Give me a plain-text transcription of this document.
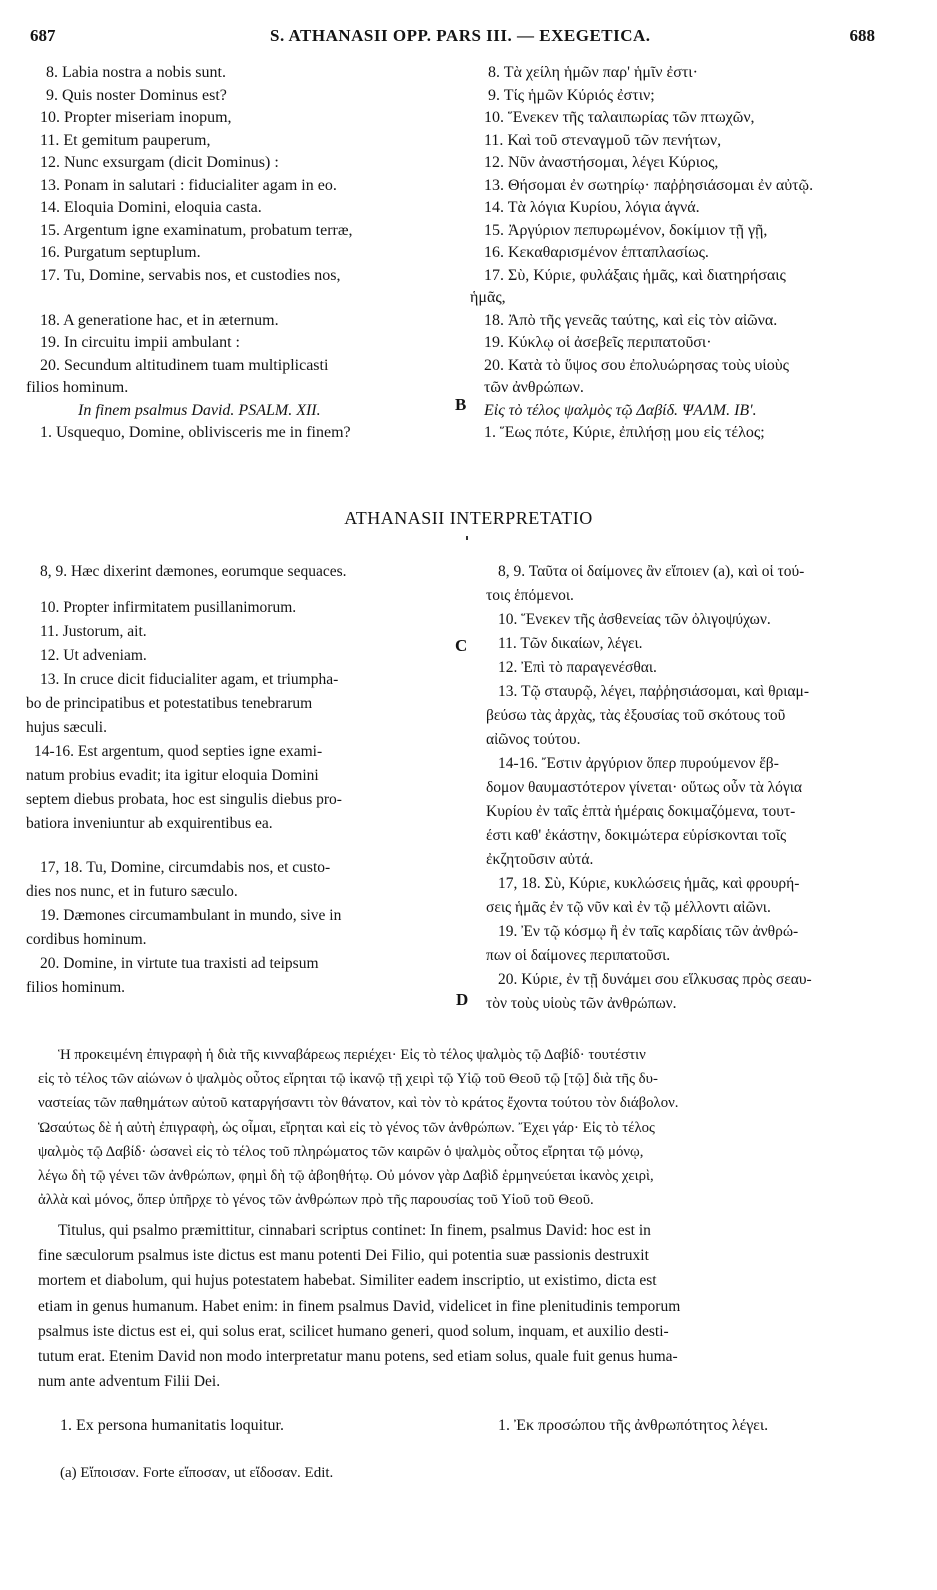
687	S. ATHANASII OPP. PARS III. — EXEGETICA.	688
8. Labia nostra a nobis sunt.
9. Quis noster Dominus est?
10. Propter miseriam inopum,
11. Et gemitum pauperum,
12. Nunc exsurgam (dicit Dominus) :
13. Ponam in salutari : fiducialiter agam in eo.
14. Eloquia Domini, eloquia casta.
15. Argentum igne examinatum, probatum terræ,
16. Purgatum septuplum.
17. Tu, Domine, servabis nos, et custodies nos,
18. A generatione hac, et in æternum.
19. In circuitu impii ambulant :
20. Secundum altitudinem tuam multiplicasti
filios hominum.
In finem psalmus David. PSALM. XII.
1. Usquequo, Domine, oblivisceris me in finem?
8. Τὰ χείλη ἡμῶν παρ' ἡμῖν ἐστι·
9. Τίς ἡμῶν Κύριός ἐστιν;
10. Ἕνεκεν τῆς ταλαιπωρίας τῶν πτωχῶν,
11. Καὶ τοῦ στεναγμοῦ τῶν πενήτων,
12. Νῦν ἀναστήσομαι, λέγει Κύριος,
13. Θήσομαι ἐν σωτηρίῳ· παῤῥησιάσομαι ἐν αὐτῷ.
14. Τὰ λόγια Κυρίου, λόγια ἁγνά.
15. Ἀργύριον πεπυρωμένον, δοκίμιον τῇ γῇ,
16. Κεκαθαρισμένον ἑπταπλασίως.
17. Σὺ, Κύριε, φυλάξαις ἡμᾶς, καὶ διατηρήσαις
ἡμᾶς,
18. Ἀπὸ τῆς γενεᾶς ταύτης, καὶ εἰς τὸν αἰῶνα.
19. Κύκλῳ οἱ ἀσεβεῖς περιπατοῦσι·
20. Κατὰ τὸ ὕψος σου ἐπολυώρησας τοὺς υἱοὺς
τῶν ἀνθρώπων.
Εἰς τὸ τέλος ψαλμὸς τῷ Δαβίδ. ΨΑΛΜ. ΙΒ'.
1. Ἕως πότε, Κύριε, ἐπιλήσῃ μου εἰς τέλος;
B
ATHANASII INTERPRETATIO
8, 9. Hæc dixerint dæmones, eorumque sequaces.
10. Propter infirmitatem pusillanimorum.
11. Justorum, ait.
12. Ut adveniam.
13. In cruce dicit fiducialiter agam, et triumpha-
bo de principatibus et potestatibus tenebrarum
hujus sæculi.
14-16. Est argentum, quod septies igne exami-
natum probius evadit; ita igitur eloquia Domini
septem diebus probata, hoc est singulis diebus pro-
batiora inveniuntur ab exquirentibus ea.
17, 18. Tu, Domine, circumdabis nos, et custo-
dies nos nunc, et in futuro sæculo.
19. Dæmones circumambulant in mundo, sive in
cordibus hominum.
20. Domine, in virtute tua traxisti ad teipsum
filios hominum.
8, 9. Ταῦτα οἱ δαίμονες ἂν εἴποιεν (a), καὶ οἱ τού-
τοις ἑπόμενοι.
10. Ἕνεκεν τῆς ἀσθενείας τῶν ὀλιγοψύχων.
11. Τῶν δικαίων, λέγει.
12. Ἐπὶ τὸ παραγενέσθαι.
13. Τῷ σταυρῷ, λέγει, παῤῥησιάσομαι, καὶ θριαμ-
βεύσω τὰς ἀρχὰς, τὰς ἐξουσίας τοῦ σκότους τοῦ
αἰῶνος τούτου.
14-16. Ἔστιν ἀργύριον ὅπερ πυρούμενον ἕβ-
δομον θαυμαστότερον γίνεται· οὕτως οὖν τὰ λόγια
Κυρίου ἐν ταῖς ἑπτὰ ἡμέραις δοκιμαζόμενα, τουτ-
έστι καθ' ἑκάστην, δοκιμώτερα εὑρίσκονται τοῖς
ἐκζητοῦσιν αὐτά.
17, 18. Σὺ, Κύριε, κυκλώσεις ἡμᾶς, καὶ φρουρή-
σεις ἡμᾶς ἐν τῷ νῦν καὶ ἐν τῷ μέλλοντι αἰῶνι.
19. Ἐν τῷ κόσμῳ ἢ ἐν ταῖς καρδίαις τῶν ἀνθρώ-
πων οἱ δαίμονες περιπατοῦσι.
20. Κύριε, ἐν τῇ δυνάμει σου εἵλκυσας πρὸς σεαυ-
τὸν τοὺς υἱοὺς τῶν ἀνθρώπων.
C
D
Ἡ προκειμένη ἐπιγραφὴ ἡ διὰ τῆς κινναβάρεως περιέχει· Εἰς τὸ τέλος ψαλμὸς τῷ Δαβίδ· τουτέστιν
εἰς τὸ τέλος τῶν αἰώνων ὁ ψαλμὸς οὗτος εἴρηται τῷ ἱκανῷ τῇ χειρὶ τῷ Υἱῷ τοῦ Θεοῦ τῷ [τῷ] διὰ τῆς δυ-
ναστείας τῶν παθημάτων αὐτοῦ καταργήσαντι τὸν θάνατον, καὶ τὸν τὸ κράτος ἔχοντα τούτου τὸν διάβολον.
Ὡσαύτως δὲ ἡ αὐτὴ ἐπιγραφὴ, ὡς οἶμαι, εἴρηται καὶ εἰς τὸ γένος τῶν ἀνθρώπων. Ἔχει γάρ· Εἰς τὸ τέλος
ψαλμὸς τῷ Δαβίδ· ὡσανεὶ εἰς τὸ τέλος τοῦ πληρώματος τῶν καιρῶν ὁ ψαλμὸς οὗτος εἴρηται τῷ μόνῳ,
λέγω δὴ τῷ γένει τῶν ἀνθρώπων, φημὶ δὴ τῷ ἀβοηθήτῳ. Οὐ μόνον γὰρ Δαβὶδ ἑρμηνεύεται ἱκανὸς χειρὶ,
ἀλλὰ καὶ μόνος, ὅπερ ὑπῆρχε τὸ γένος τῶν ἀνθρώπων πρὸ τῆς παρουσίας τοῦ Υἱοῦ τοῦ Θεοῦ.
Titulus, qui psalmo præmittitur, cinnabari scriptus continet: In finem, psalmus David: hoc est in
fine sæculorum psalmus iste dictus est manu potenti Dei Filio, qui potentia suæ passionis destruxit
mortem et diabolum, qui hujus potestatem habebat. Similiter eadem inscriptio, ut existimo, dicta est
etiam in genus humanum. Habet enim: in finem psalmus David, videlicet in fine plenitudinis temporum
psalmus iste dictus est ei, qui solus erat, scilicet humano generi, quod solum, inquam, et auxilio desti-
tutum erat. Etenim David non modo interpretatur manu potens, sed etiam solus, quale fuit genus huma-
num ante adventum Filii Dei.
1. Ex persona humanitatis loquitur.	1. Ἐκ προσώπου τῆς ἀνθρωπότητος λέγει.
(a) Εἴποισαν. Forte εἴποσαν, ut εἴδοσαν. Edit.
